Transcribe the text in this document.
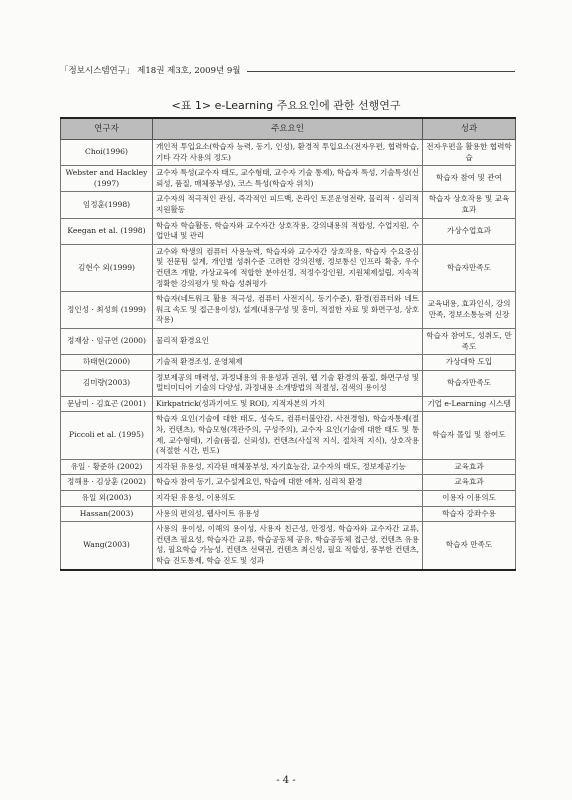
「정보시스템연구」 제18권 제3호, 2009년 9월
<표 1> e-Learning 주요요인에 관한 선행연구
연구자	주요요인	성과
Choi(1996)	개인적 투입요소(학습자 능력, 동기, 인성), 환경적 투입요소(전자우편, 협력학습, 기타 각각 사용의 정도)	전자우편을 활용한 협력학습
Webster and Hackley (1997)	교수자 특성(교수자 태도, 교수형태, 교수자 기술 통제), 학습자 특성, 기술특성(신뢰성, 품질, 매체풍부성), 코스 특성(학습자 위치)	학습자 참여 및 관여
임정훈(1998)	교수자의 적극적인 관심, 즉각적인 피드백, 온라인 토론운영전략, 물리적 · 심리적 지원활동	학습자 상호작용 및 교육효과
Keegan et al. (1998)	학습자 학습활동, 학습자와 교수자간 상호작용, 강의내용의 적합성, 수업지원, 수업안내 및 관리	가상수업효과
김현수 외(1999)	교수와 학생의 컴퓨터 사용능력, 학습자와 교수자간 상호작용, 학습자 수요중심 및 전문팀 설계, 개인별 성취수준 고려한 강의진행, 정보통신 인프라 확충, 우수 컨텐츠 개발, 가상교육에 적합한 분야선정, 적정수강인원, 지원체제설립, 지속적 정확한 강의평가 및 학습 성취평가	학습자만족도
정인성 · 최성희 (1999)	학습자(네트워크 활용 적극성, 컴퓨터 사전지식, 동기수준), 환경(컴퓨터와 네트워크 속도 및 접근용이성), 설계(내용구성 및 흥미, 적절한 자료 및 화면구성, 상호작용)	교육내용, 효과인식, 강의만족, 정보소통능력 신장
정재삼 · 임규연 (2000)	물리적 환경요인	학습자 참여도, 성취도, 만족도
하태현(2000)	기술적 환경조성, 운영체제	가상대학 도입
김미량(2003)	정보제공의 매력성, 과정내용의 유용성과 권위, 웹 기술 환경의 품질, 화면구성 및 멀티미디어 기술의 다양성, 과정내용 소개방법의 적절성, 검색의 용이성	학습자만족도
문남미 · 김효곤 (2001)	Kirkpatrick(성과기여도 및 ROI), 지적자본의 가치	기업 e-Learning 시스템
Piccoli et al. (1995)	학습자 요인(기술에 대한 태도, 성숙도, 컴퓨터불안감, 사전경험), 학습자통제(절차, 컨텐츠), 학습모형(객관주의, 구성주의), 교수자 요인(기술에 대한 태도 및 통제, 교수형태), 기술(품질, 신뢰성), 컨텐츠(사실적 지식, 절차적 지식), 상호작용(적절한 시간, 빈도)	학습자 몰입 및 참여도
유일 · 황준하 (2002)	지각된 유용성, 지각된 매체풍부성, 자기효능감, 교수자의 태도, 정보제공기능	교육효과
정해용 · 김상훈 (2002)	학습자 참여 동기, 교수설계요인, 학습에 대한 애착, 심리적 환경	교육효과
유일 외(2003)	지각된 유용성, 이용의도	이용자 이용의도
Hassan(2003)	사용의 편의성, 웹사이트 유용성	학습자 강좌수용
Wang(2003)	사용의 용이성, 이해의 용이성, 사용자 친근성, 안정성, 학습자와 교수자간 교류, 컨텐츠 필요성, 학습자간 교류, 학습공동체 공유, 학습공동체 접근성, 컨텐츠 유용성, 필요학습 가능성, 컨텐츠 선택권, 컨텐츠 최신성, 필요 적합성, 풍부한 컨텐츠, 학습 진도통제, 학습 진도 및 성과	학습자 만족도
- 4 -
